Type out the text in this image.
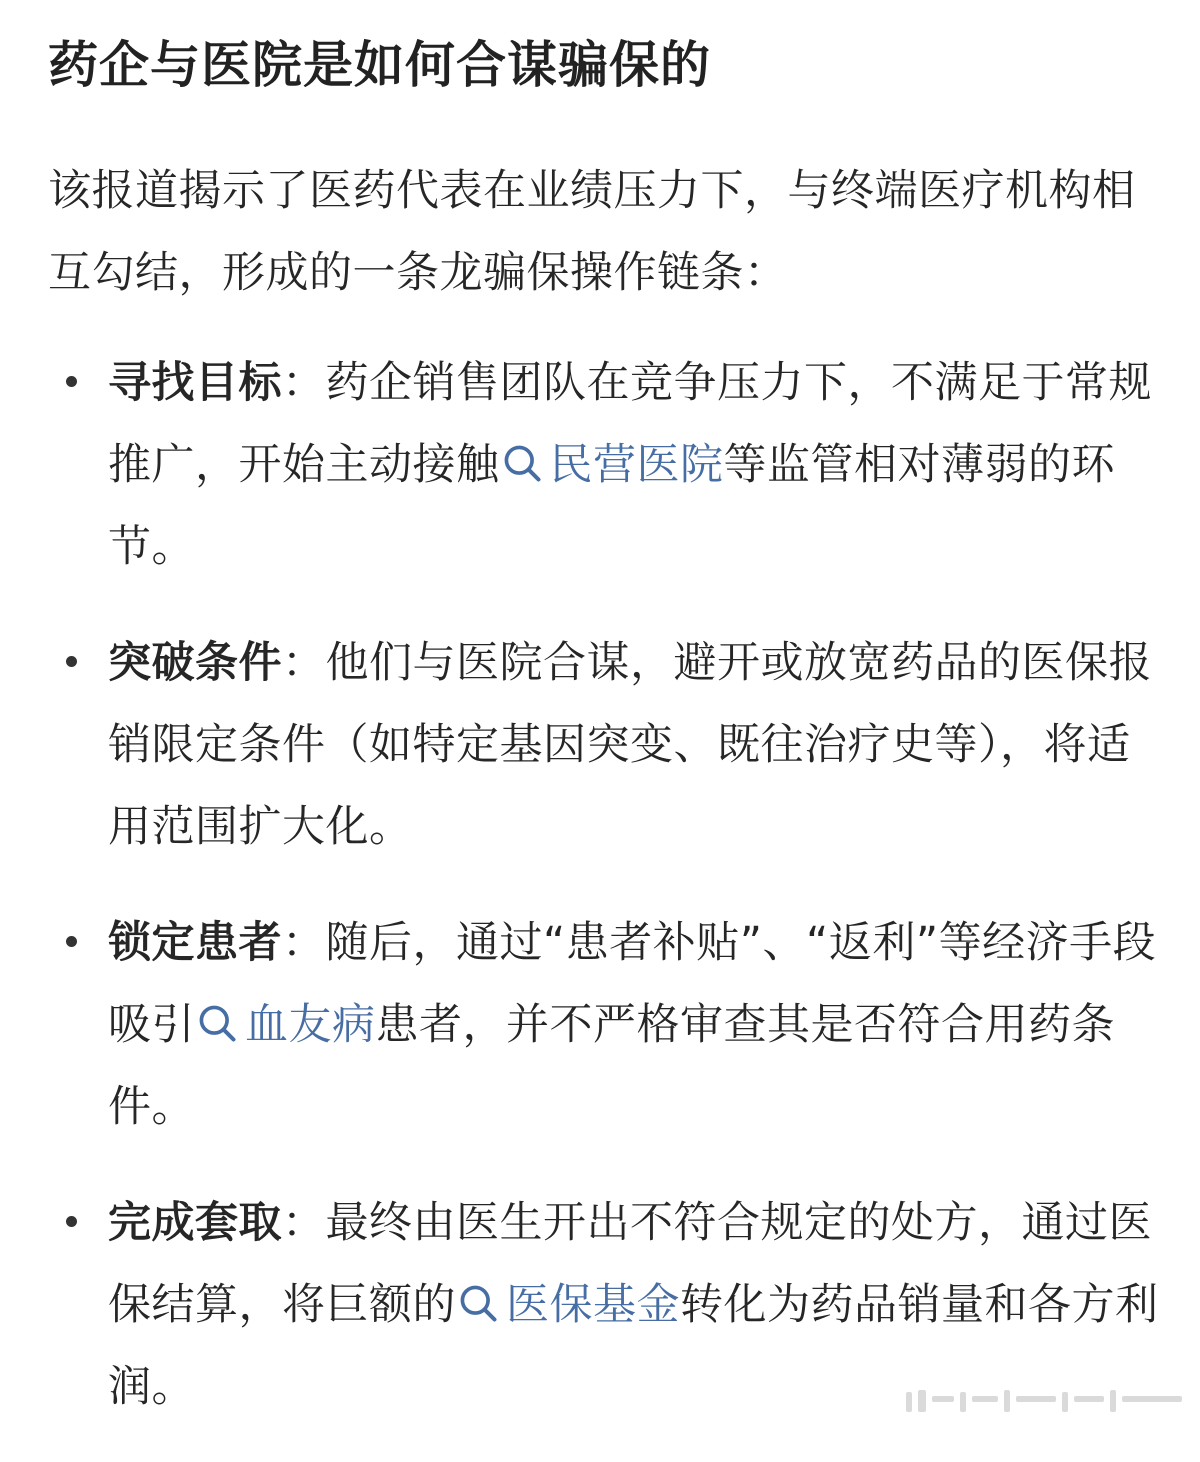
药企与医院是如何合谋骗保的

该报道揭示了医药代表在业绩压力下，与终端医疗机构相互勾结，形成的一条龙骗保操作链条：

寻找目标：药企销售团队在竞争压力下，不满足于常规推广，开始主动接触 民营医院等监管相对薄弱的环节。
突破条件：他们与医院合谋，避开或放宽药品的医保报销限定条件（如特定基因突变、既往治疗史等），将适用范围扩大化。
锁定患者：随后，通过“患者补贴”、“返利”等经济手段吸引 血友病患者，并不严格审查其是否符合用药条件。
完成套取：最终由医生开出不符合规定的处方，通过医保结算，将巨额的 医保基金转化为药品销量和各方利润。
